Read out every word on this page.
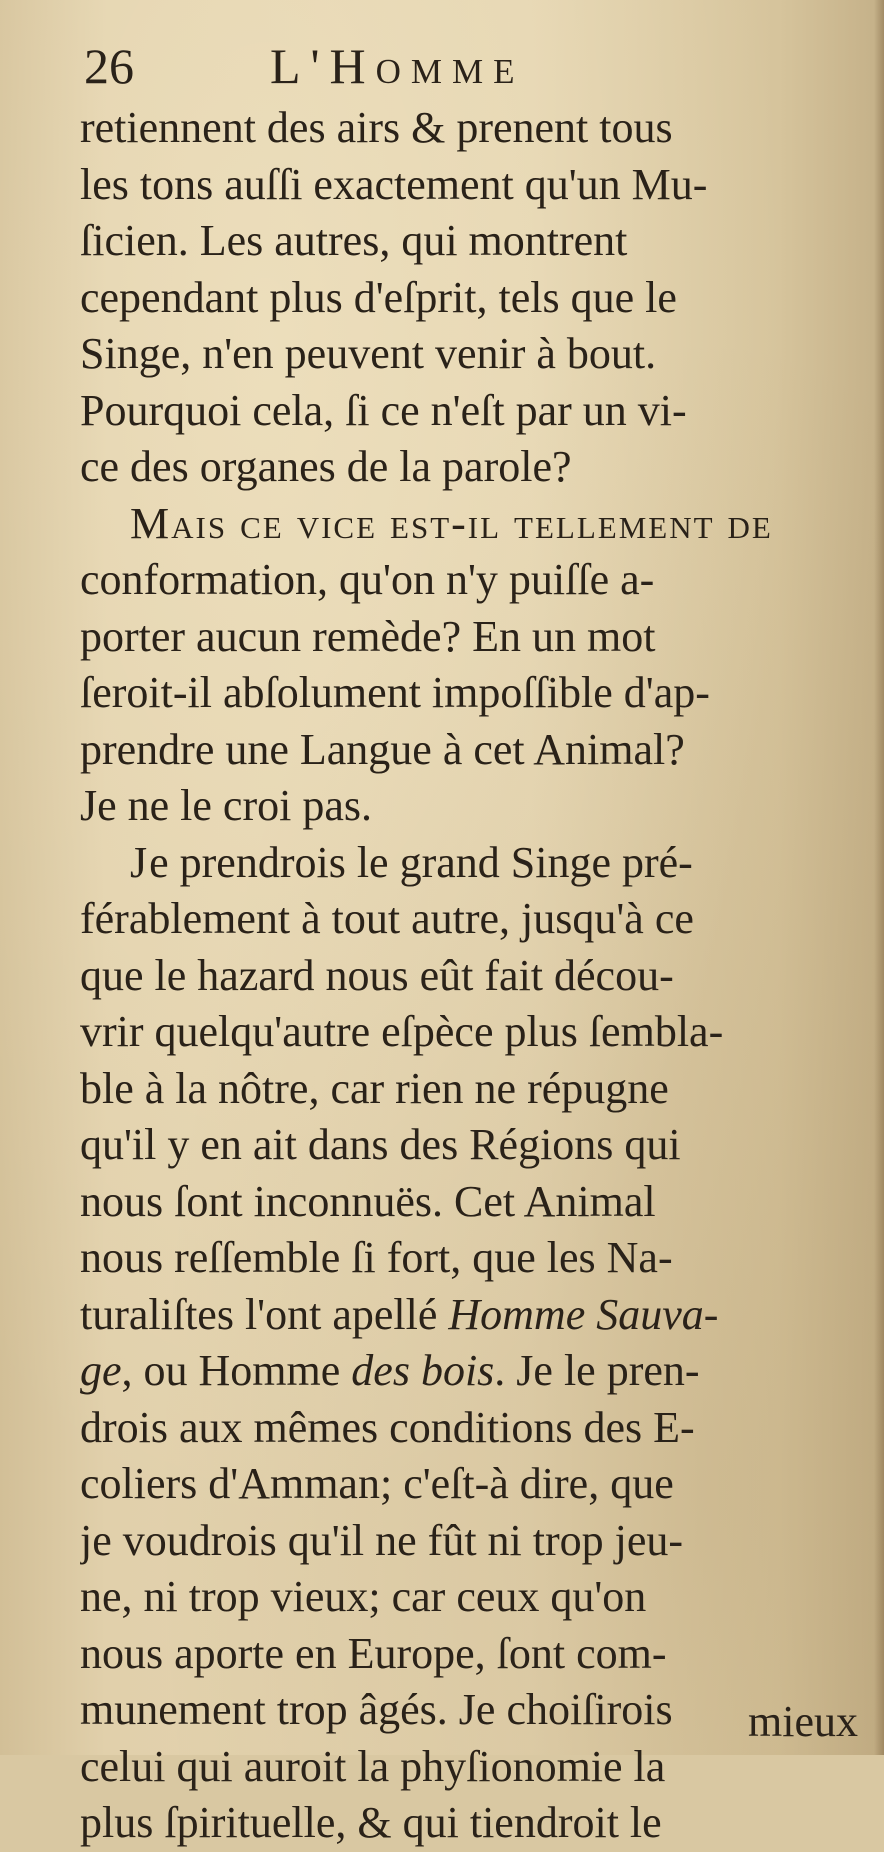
26	L'Homme
retiennent des airs & prenent tous
les tons auſſi exactement qu'un Mu-
ſicien. Les autres, qui montrent
cependant plus d'eſprit, tels que le
Singe, n'en peuvent venir à bout.
Pourquoi cela, ſi ce n'eſt par un vi-
ce des organes de la parole?
Mais ce vice eſt-il tellement de
conformation, qu'on n'y puiſſe a-
porter aucun remède? En un mot
ſeroit-il abſolument impoſſible d'ap-
prendre une Langue à cet Animal?
Je ne le croi pas.
Je prendrois le grand Singe pré-
férablement à tout autre, jusqu'à ce
que le hazard nous eût fait décou-
vrir quelqu'autre eſpèce plus ſembla-
ble à la nôtre, car rien ne répugne
qu'il y en ait dans des Régions qui
nous ſont inconnuës. Cet Animal
nous reſſemble ſi fort, que les Na-
turaliſtes l'ont apellé Homme Sauva-
ge, ou Homme des bois. Je le pren-
drois aux mêmes conditions des E-
coliers d'Amman; c'eſt-à dire, que
je voudrois qu'il ne fût ni trop jeu-
ne, ni trop vieux; car ceux qu'on
nous aporte en Europe, ſont com-
munement trop âgés. Je choiſirois
celui qui auroit la phyſionomie la
plus ſpirituelle, & qui tiendroit le
mieux
